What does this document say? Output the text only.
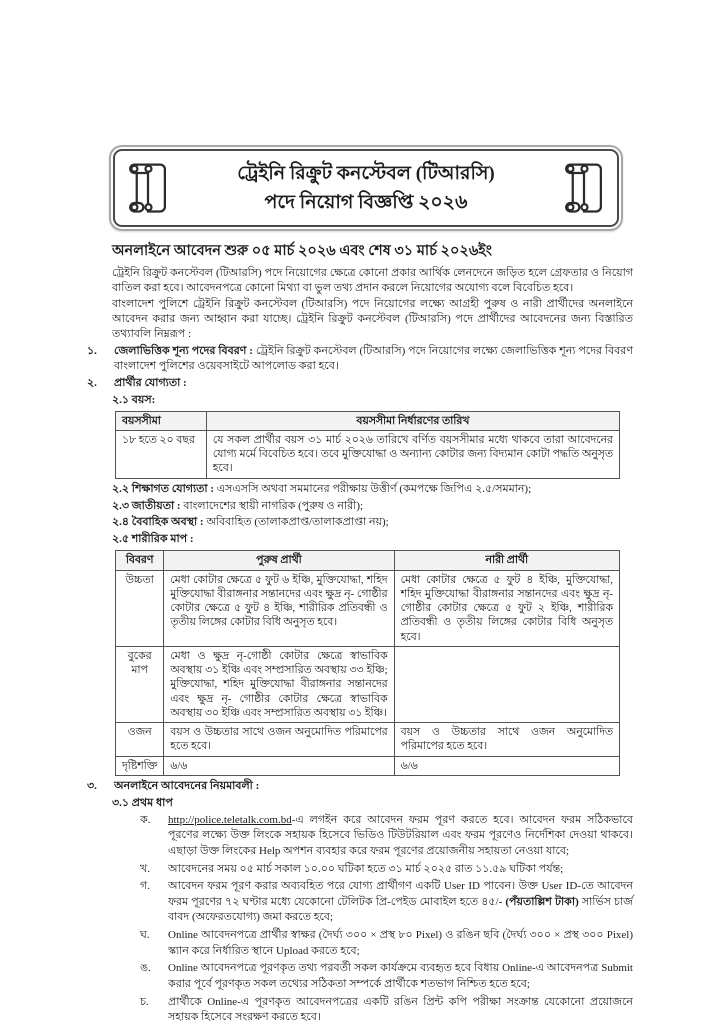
ট্রেইনি রিক্রুট কনস্টেবল (টিআরসি)
পদে নিয়োগ বিজ্ঞপ্তি ২০২৬
অনলাইনে আবেদন শুরু ০৫ মার্চ ২০২৬ এবং শেষ ৩১ মার্চ ২০২৬ইং
ট্রেইনি রিক্রুট কনস্টেবল (টিআরসি) পদে নিয়োগের ক্ষেত্রে কোনো প্রকার আর্থিক লেনদেনে জড়িত হলে গ্রেফতার ও নিয়োগ বাতিল করা হবে। আবেদনপত্রে কোনো মিথ্যা বা ভুল তথ্য প্রদান করলে নিয়োগের অযোগ্য বলে বিবেচিত হবে।
বাংলাদেশ পুলিশে ট্রেইনি রিক্রুট কনস্টেবল (টিআরসি) পদে নিয়োগের লক্ষ্যে আগ্রহী পুরুষ ও নারী প্রার্থীদের অনলাইনে আবেদন করার জন্য আহ্বান করা যাচ্ছে। ট্রেইনি রিক্রুট কনস্টেবল (টিআরসি) পদে প্রার্থীদের আবেদনের জন্য বিস্তারিত তথ্যাবলি নিম্নরূপ :
১.	জেলাভিত্তিক শূন্য পদের বিবরণ : ট্রেইনি রিক্রুট কনস্টেবল (টিআরসি) পদে নিয়োগের লক্ষ্যে জেলাভিত্তিক শূন্য পদের বিবরণ বাংলাদেশ পুলিশের ওয়েবসাইটে আপলোড করা হবে।
২.	প্রার্থীর যোগ্যতা :
২.১ বয়স:
বয়সসীমা	বয়সসীমা নির্ধারণের তারিখ
১৮ হতে ২০ বছর	যে সকল প্রার্থীর বয়স ৩১ মার্চ ২০২৬ তারিখে বর্ণিত বয়সসীমার মধ্যে থাকবে তারা আবেদনের যোগ্য মর্মে বিবেচিত হবে। তবে মুক্তিযোদ্ধা ও অন্যান্য কোটার জন্য বিদ্যমান কোটা পদ্ধতি অনুসৃত হবে।
২.২ শিক্ষাগত যোগ্যতা : এসএসসি অথবা সমমানের পরীক্ষায় উত্তীর্ণ (কমপক্ষে জিপিএ ২.৫/সমমান);
২.৩ জাতীয়তা : বাংলাদেশের স্থায়ী নাগরিক (পুরুষ ও নারী);
২.৪ বৈবাহিক অবস্থা : অবিবাহিত (তালাকপ্রাপ্ত/তালাকপ্রাপ্তা নয়);
২.৫ শারীরিক মাপ :
বিবরণ	পুরুষ প্রার্থী	নারী প্রার্থী
উচ্চতা	মেধা কোটার ক্ষেত্রে ৫ ফুট ৬ ইঞ্চি, মুক্তিযোদ্ধা, শহিদ মুক্তিযোদ্ধা বীরাঙ্গনার সন্তানদের এবং ক্ষুদ্র নৃ- গোষ্ঠীর কোটার ক্ষেত্রে ৫ ফুট ৪ ইঞ্চি, শারীরিক প্রতিবন্ধী ও তৃতীয় লিঙ্গের কোটার বিধি অনুসৃত হবে।	মেধা কোটার ক্ষেত্রে ৫ ফুট ৪ ইঞ্চি, মুক্তিযোদ্ধা, শহিদ মুক্তিযোদ্ধা বীরাঙ্গনার সন্তানদের এবং ক্ষুদ্র নৃ- গোষ্ঠীর কোটার ক্ষেত্রে ৫ ফুট ২ ইঞ্চি, শারীরিক প্রতিবন্ধী ও তৃতীয় লিঙ্গের কোটার বিধি অনুসৃত হবে।
বুকের মাপ	মেধা ও ক্ষুদ্র নৃ-গোষ্ঠী কোটার ক্ষেত্রে স্বাভাবিক অবস্থায় ৩১ ইঞ্চি এবং সম্প্রসারিত অবস্থায় ৩৩ ইঞ্চি; মুক্তিযোদ্ধা, শহিদ মুক্তিযোদ্ধা বীরাঙ্গনার সন্তানদের এবং ক্ষুদ্র নৃ- গোষ্ঠীর কোটার ক্ষেত্রে স্বাভাবিক অবস্থায় ৩০ ইঞ্চি এবং সম্প্রসারিত অবস্থায় ৩১ ইঞ্চি।	
ওজন	বয়স ও উচ্চতার সাথে ওজন অনুমোদিত পরিমাপের হতে হবে।	বয়স ও উচ্চতার সাথে ওজন অনুমোদিত পরিমাপের হতে হবে।
দৃষ্টিশক্তি	৬/৬	৬/৬
৩.	অনলাইনে আবেদনের নিয়মাবলী :
৩.১ প্রথম ধাপ
ক.	http://police.teletalk.com.bd-এ লগইন করে আবেদন ফরম পূরণ করতে হবে। আবেদন ফরম সঠিকভাবে পূরণের লক্ষ্যে উক্ত লিংকে সহায়ক হিসেবে ভিডিও টিউটরিয়াল এবং ফরম পূরণেও নির্দেশিকা দেওয়া থাকবে। এছাড়া উক্ত লিংকের Help অপশন ব্যবহার করে ফরম পূরণের প্রয়োজনীয় সহায়তা নেওয়া যাবে;
খ.	আবেদনের সময় ০৫ মার্চ সকাল ১০.০০ ঘটিকা হতে ৩১ মার্চ ২০২৫ রাত ১১.৫৯ ঘটিকা পর্যন্ত;
গ.	আবেদন ফরম পূরণ করার অব্যবহিত পরে যোগ্য প্রার্থীগণ একটি User ID পাবেন। উক্ত User ID-তে আবেদন ফরম পূরণের ৭২ ঘণ্টার মধ্যে যেকোনো টেলিটক প্রি-পেইড মোবাইল হতে ৪৫/- (পঁয়তাল্লিশ টাকা) সার্ভিস চার্জ বাবদ (অফেরতযোগ্য) জমা করতে হবে;
ঘ.	Online আবেদনপত্রে প্রার্থীর স্বাক্ষর (দৈর্ঘ্য ৩০০ × প্রস্থ ৮০ Pixel) ও রঙিন ছবি (দৈর্ঘ্য ৩০০ × প্রস্থ ৩০০ Pixel) স্ক্যান করে নির্ধারিত স্থানে Upload করতে হবে;
ঙ.	Online আবেদনপত্রে পূরণকৃত তথ্য পরবর্তী সকল কার্যক্রমে ব্যবহৃত হবে বিধায় Online-এ আবেদনপত্র Submit করার পূর্বে পূরণকৃত সকল তথ্যের সঠিকতা সম্পর্কে প্রার্থীকে শতভাগ নিশ্চিত হতে হবে;
চ.	প্রার্থীকে Online-এ পূরণকৃত আবেদনপত্রের একটি রঙিন প্রিন্ট কপি পরীক্ষা সংক্রান্ত যেকোনো প্রয়োজনে সহায়ক হিসেবে সংরক্ষণ করতে হবে।
